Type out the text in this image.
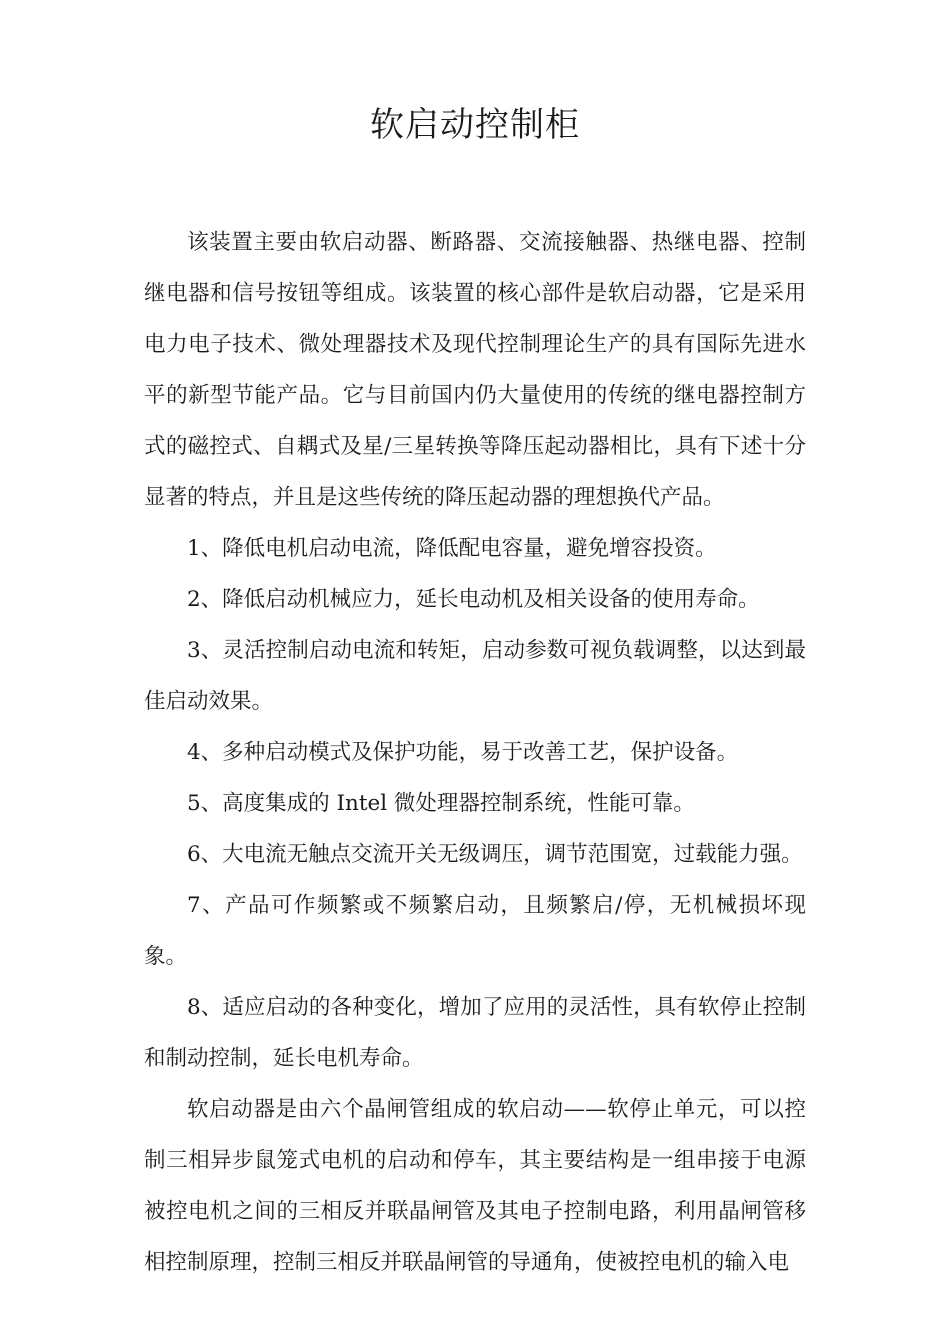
软启动控制柜

该装置主要由软启动器、断路器、交流接触器、热继电器、控制继电器和信号按钮等组成。该装置的核心部件是软启动器，它是采用电力电子技术、微处理器技术及现代控制理论生产的具有国际先进水平的新型节能产品。它与目前国内仍大量使用的传统的继电器控制方式的磁控式、自耦式及星/三星转换等降压起动器相比，具有下述十分显著的特点，并且是这些传统的降压起动器的理想换代产品。

1、降低电机启动电流，降低配电容量，避免增容投资。

2、降低启动机械应力，延长电动机及相关设备的使用寿命。

3、灵活控制启动电流和转矩，启动参数可视负载调整，以达到最佳启动效果。

4、多种启动模式及保护功能，易于改善工艺，保护设备。

5、高度集成的 Intel 微处理器控制系统，性能可靠。

6、大电流无触点交流开关无级调压，调节范围宽，过载能力强。

7、产品可作频繁或不频繁启动，且频繁启/停，无机械损坏现象。

8、适应启动的各种变化，增加了应用的灵活性，具有软停止控制和制动控制，延长电机寿命。

软启动器是由六个晶闸管组成的软启动——软停止单元，可以控制三相异步鼠笼式电机的启动和停车，其主要结构是一组串接于电源被控电机之间的三相反并联晶闸管及其电子控制电路，利用晶闸管移相控制原理，控制三相反并联晶闸管的导通角，使被控电机的输入电
